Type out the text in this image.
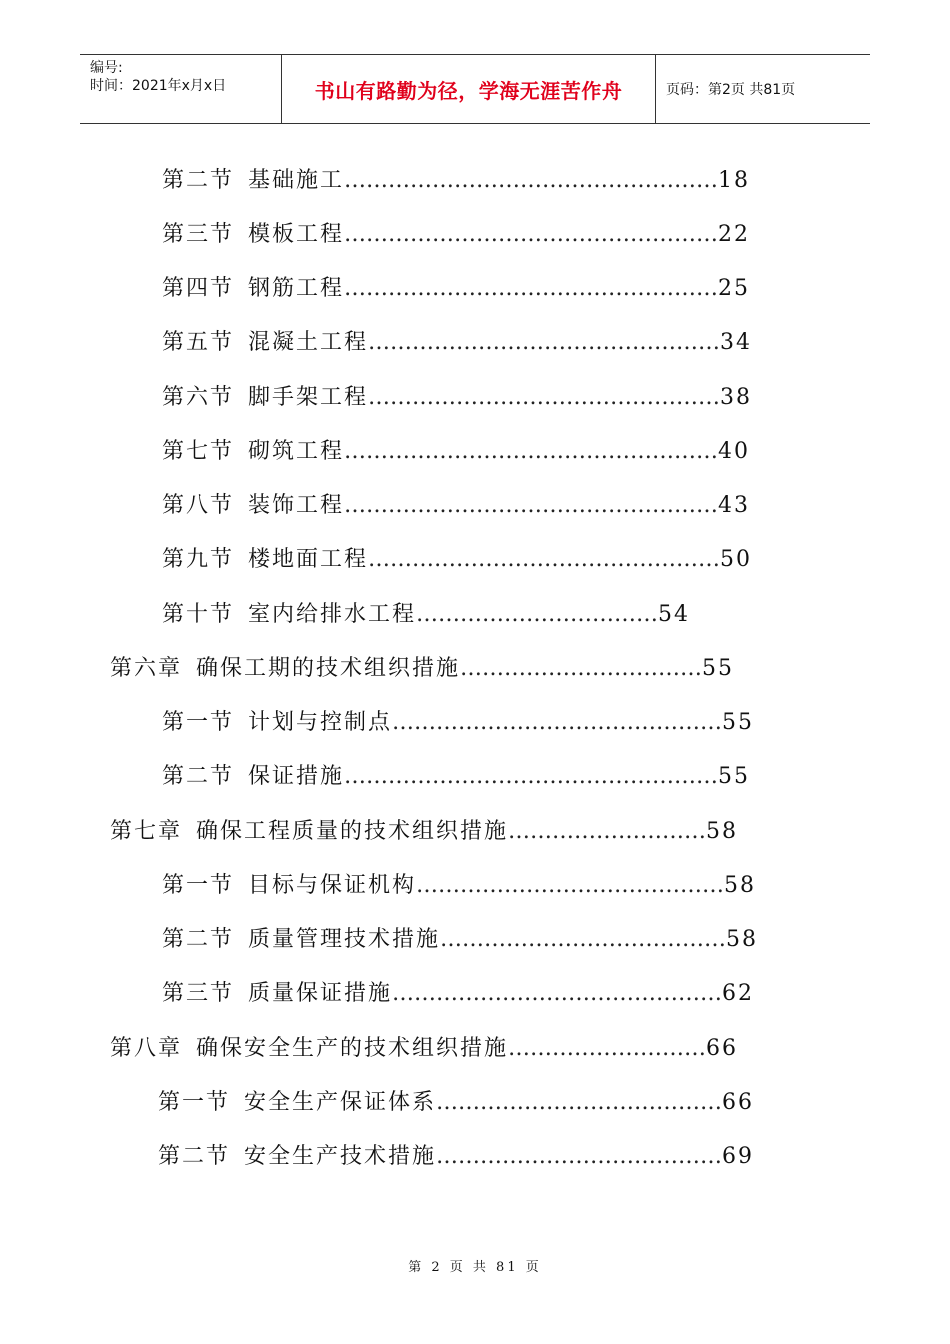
编号:
时间：2021年x月x日	书山有路勤为径，学海无涯苦作舟	页码：第2页 共81页
第二节 基础施工……………………………………………18
第三节 模板工程……………………………………………22
第四节 钢筋工程……………………………………………25
第五节 混凝土工程…………………………………………34
第六节 脚手架工程…………………………………………38
第七节 砌筑工程……………………………………………40
第八节 装饰工程……………………………………………43
第九节 楼地面工程…………………………………………50
第十节 室内给排水工程……………………………54
第六章 确保工期的技术组织措施……………………………55
第一节 计划与控制点………………………………………55
第二节 保证措施……………………………………………55
第七章 确保工程质量的技术组织措施………………………58
第一节 目标与保证机构……………………………………58
第二节 质量管理技术措施…………………………………58
第三节 质量保证措施………………………………………62
第八章 确保安全生产的技术组织措施………………………66
第一节 安全生产保证体系…………………………………66
第二节 安全生产技术措施…………………………………69
第 2 页 共 81 页
